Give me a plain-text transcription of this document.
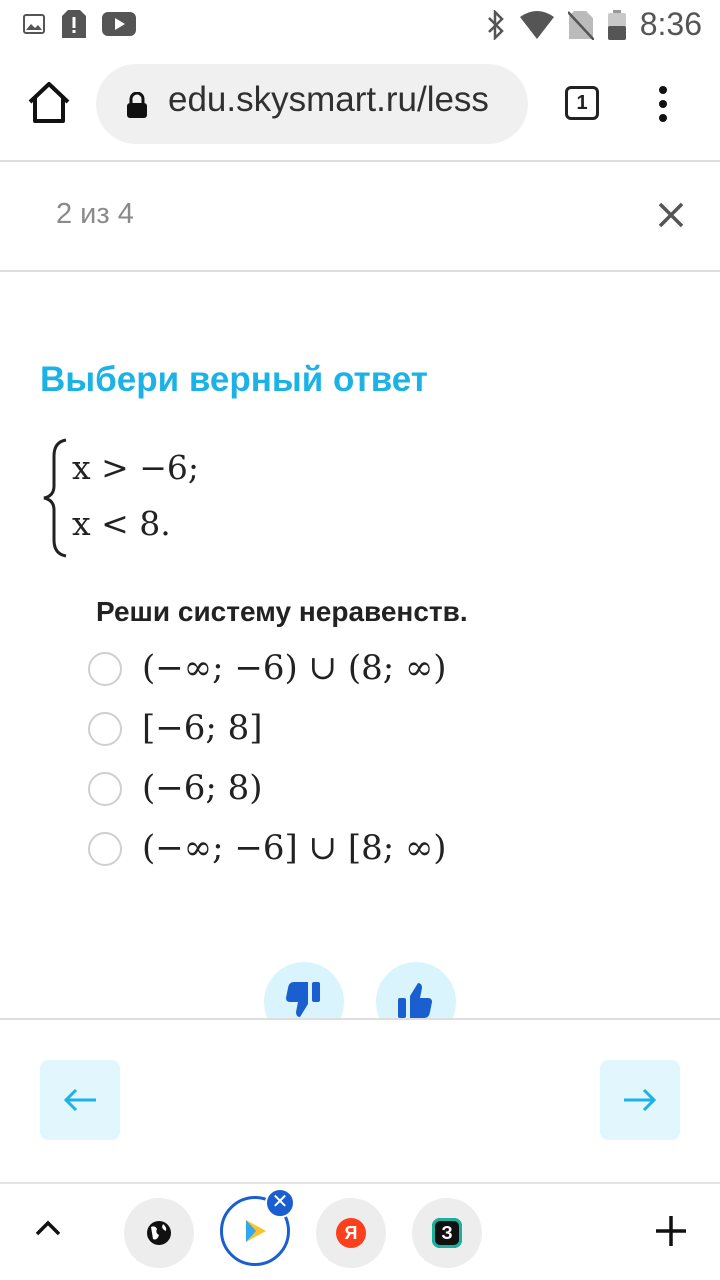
8:36
edu.skysmart.ru/less	1
2 из 4
Выбери верный ответ
x > −6;
x < 8.
Реши систему неравенств.
(−∞; −6) ∪ (8; ∞)
[−6; 8]
(−6; 8)
(−∞; −6] ∪ [8; ∞)
✕
Я	З
